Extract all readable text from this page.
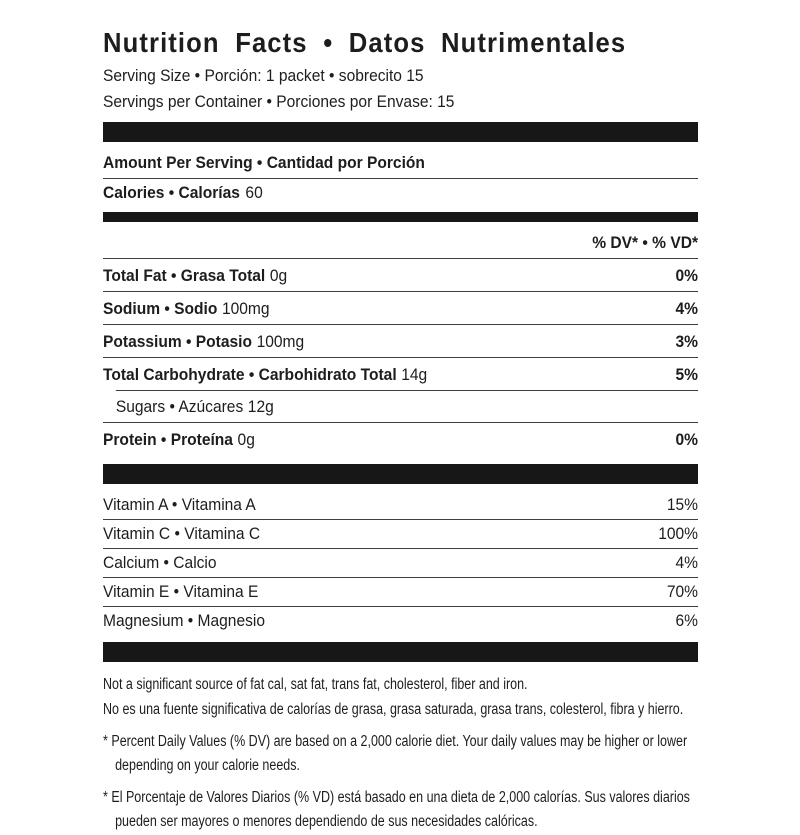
Nutrition Facts • Datos Nutrimentales
Serving Size • Porción: 1 packet • sobrecito 15
Servings per Container • Porciones por Envase: 15
Amount Per Serving • Cantidad por Porción
Calories • Calorías 60
% DV* • % VD*
Total Fat • Grasa Total 0g	0%
Sodium • Sodio 100mg	4%
Potassium • Potasio 100mg	3%
Total Carbohydrate • Carbohidrato Total 14g	5%
Sugars • Azúcares 12g
Protein • Proteína 0g	0%
Vitamin A • Vitamina A	15%
Vitamin C • Vitamina C	100%
Calcium • Calcio	4%
Vitamin E • Vitamina E	70%
Magnesium • Magnesio	6%

Not a significant source of fat cal, sat fat, trans fat, cholesterol, fiber and iron.

No es una fuente significativa de calorías de grasa, grasa saturada, grasa trans, colesterol, fibra y hierro.

* Percent Daily Values (% DV) are based on a 2,000 calorie diet. Your daily values may be higher or lower depending on your calorie needs.

* El Porcentaje de Valores Diarios (% VD) está basado en una dieta de 2,000 calorías. Sus valores diarios pueden ser mayores o menores dependiendo de sus necesidades calóricas.
